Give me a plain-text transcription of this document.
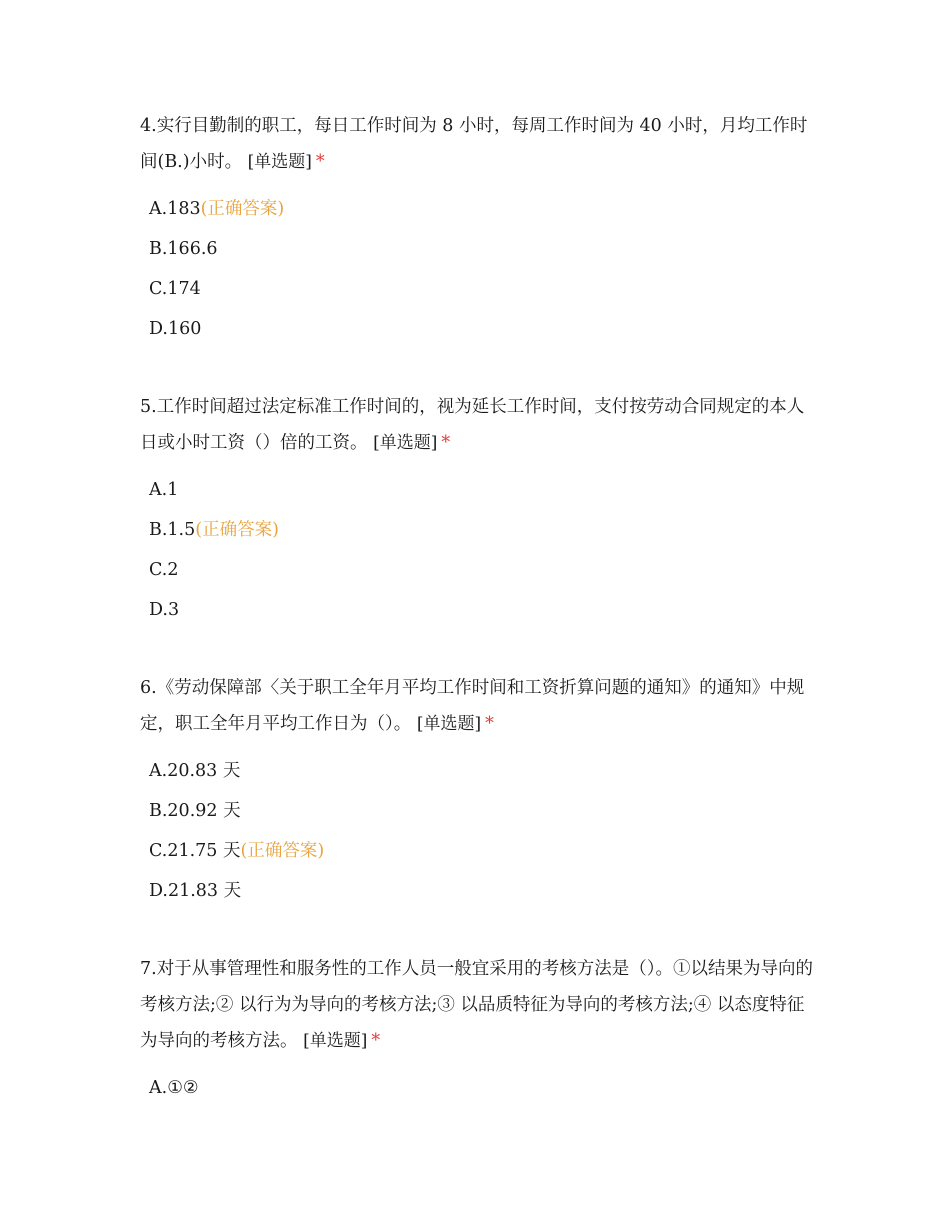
4.实行目勤制的职工，每日工作时间为 8 小时，每周工作时间为 40 小时，月均工作时间(B.)小时。 [单选题] *

A.183(正确答案)
B.166.6
C.174
D.160

5.工作时间超过法定标准工作时间的，视为延长工作时间，支付按劳动合同规定的本人日或小时工资（）倍的工资。 [单选题] *

A.1
B.1.5(正确答案)
C.2
D.3

6.《劳动保障部〈关于职工全年月平均工作时间和工资折算问题的通知》的通知》中规定，职工全年月平均工作日为（）。 [单选题] *

A.20.83 天
B.20.92 天
C.21.75 天(正确答案)
D.21.83 天

7.对于从事管理性和服务性的工作人员一般宜采用的考核方法是（）。①以结果为导向的考核方法;② 以行为为导向的考核方法;③ 以品质特征为导向的考核方法;④ 以态度特征为导向的考核方法。 [单选题] *

A.①②
